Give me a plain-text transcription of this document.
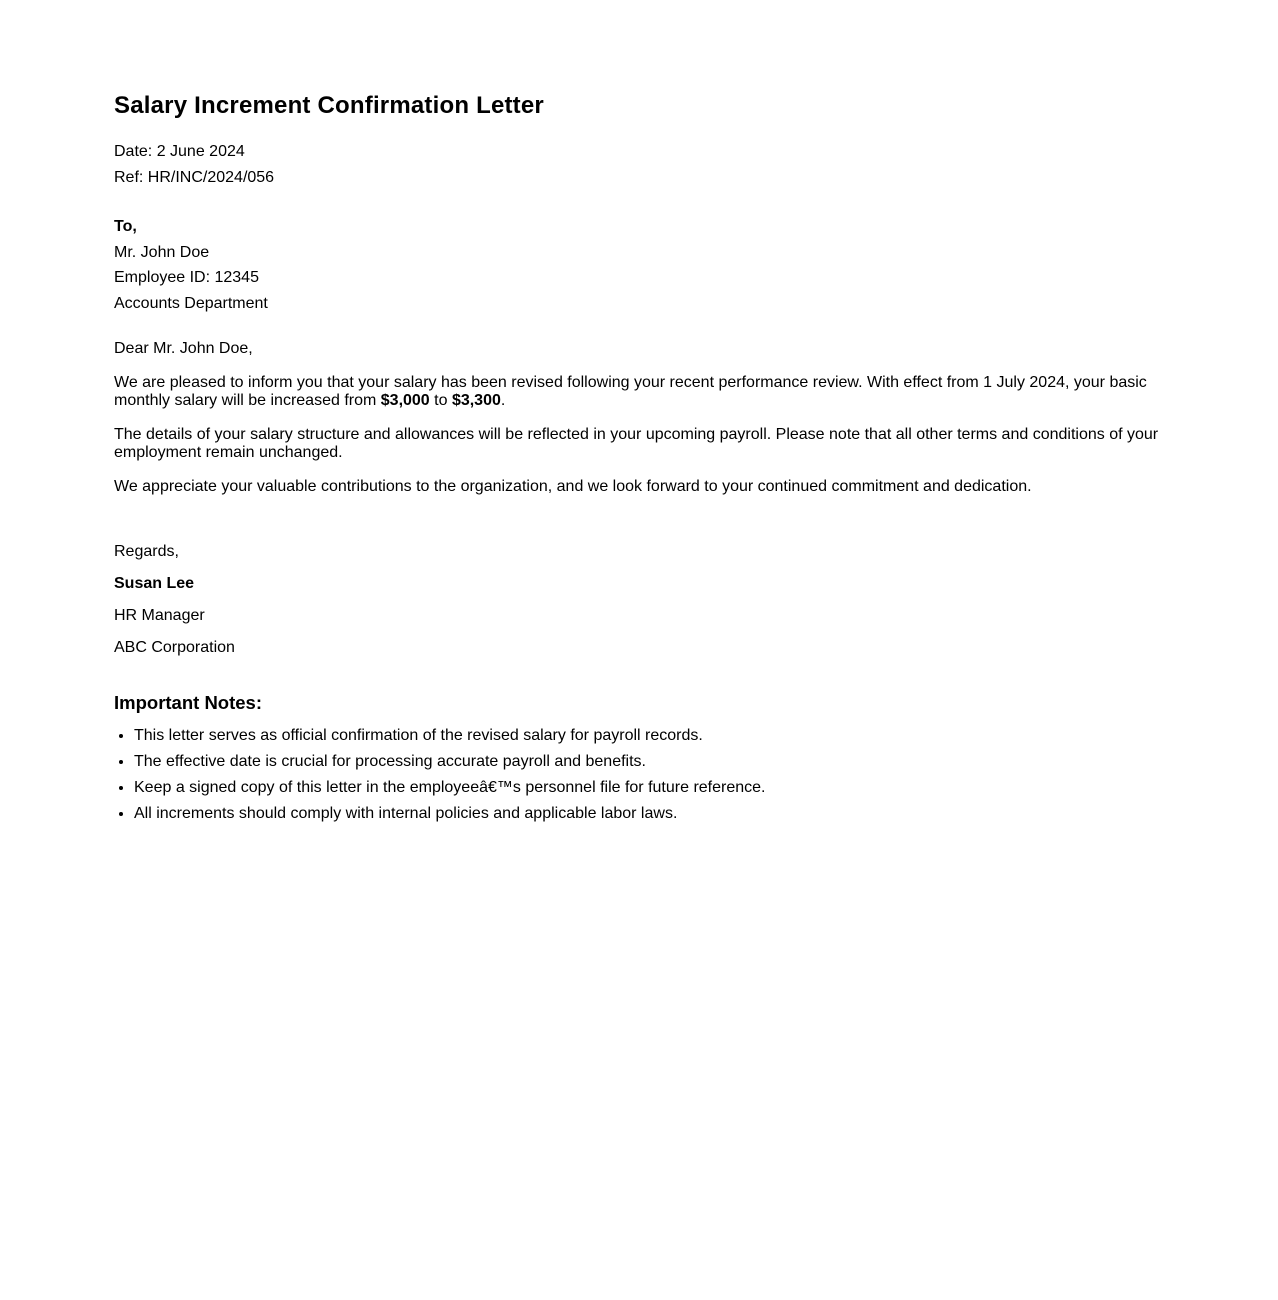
Salary Increment Confirmation Letter
Date: 2 June 2024
Ref: HR/INC/2024/056
To,
Mr. John Doe
Employee ID: 12345
Accounts Department
Dear Mr. John Doe,

We are pleased to inform you that your salary has been revised following your recent performance review. With effect from 1 July 2024, your basic monthly salary will be increased from $3,000 to $3,300.

The details of your salary structure and allowances will be reflected in your upcoming payroll. Please note that all other terms and conditions of your employment remain unchanged.

We appreciate your valuable contributions to the organization, and we look forward to your continued commitment and dedication.

Regards,
Susan Lee
HR Manager
ABC Corporation
Important Notes:
• This letter serves as official confirmation of the revised salary for payroll records.
• The effective date is crucial for processing accurate payroll and benefits.
• Keep a signed copy of this letter in the employeeâ€™s personnel file for future reference.
• All increments should comply with internal policies and applicable labor laws.
